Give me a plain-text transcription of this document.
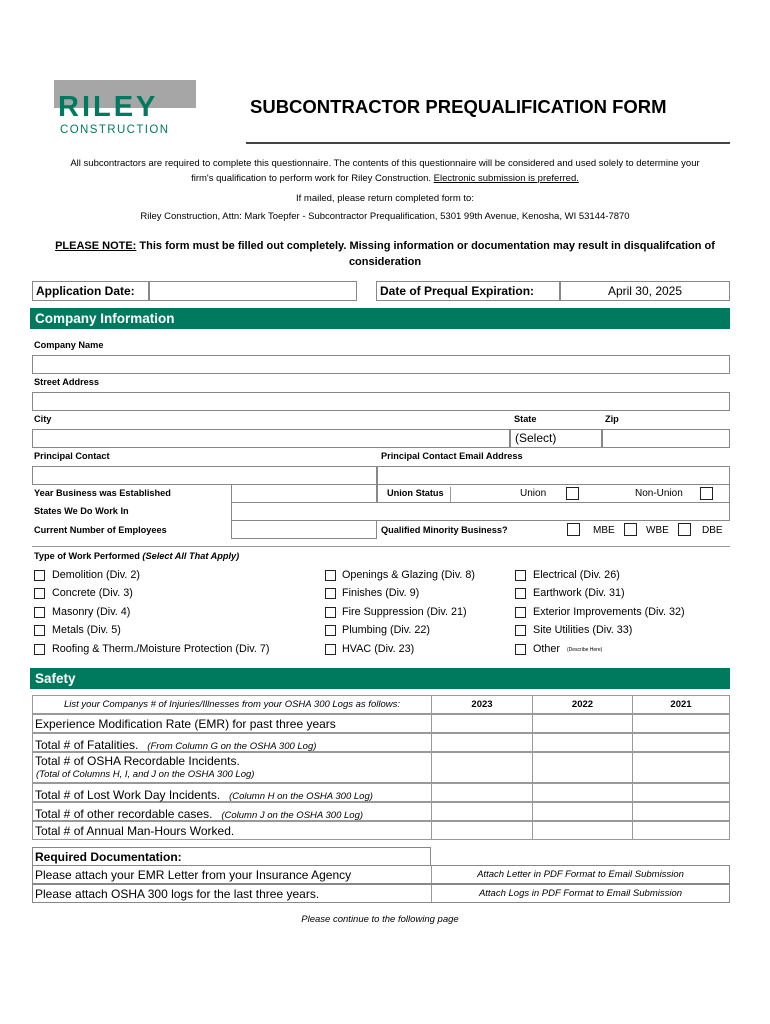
RILEY
CONSTRUCTION
SUBCONTRACTOR PREQUALIFICATION FORM
All subcontractors are required to complete this questionnaire. The contents of this questionnaire will be considered and used solely to determine your
firm's qualification to perform work for Riley Construction. Electronic submission is preferred.
If mailed, please return completed form to:
Riley Construction, Attn: Mark Toepfer - Subcontractor Prequalification, 5301 99th Avenue, Kenosha, WI 53144-7870
PLEASE NOTE: This form must be filled out completely. Missing information or documentation may result in disqualifcation of
consideration
Application Date:	Date of Prequal Expiration:	April 30, 2025
Company Information
Company Name
Street Address
City	State	Zip
(Select)
Principal Contact	Principal Contact Email Address
Year Business was Established	Union Status	Union	Non-Union
States We Do Work In
Current Number of Employees	Qualified Minority Business?	MBE	WBE	DBE
Type of Work Performed (Select All That Apply)
Demolition (Div. 2)
Concrete (Div. 3)
Masonry (Div. 4)
Metals (Div. 5)
Roofing & Therm./Moisture Protection (Div. 7)
Openings & Glazing (Div. 8)
Finishes (Div. 9)
Fire Suppression (Div. 21)
Plumbing (Div. 22)
HVAC (Div. 23)
Electrical (Div. 26)
Earthwork (Div. 31)
Exterior Improvements (Div. 32)
Site Utilities (Div. 33)
Other (Describe Here)
Safety
List your Companys # of Injuries/Illnesses from your OSHA 300 Logs as follows:	2023	2022	2021
Experience Modification Rate (EMR) for past three years
Total # of Fatalities. (From Column G on the OSHA 300 Log)
Total # of OSHA Recordable Incidents.
(Total of Columns H, I, and J on the OSHA 300 Log)
Total # of Lost Work Day Incidents. (Column H on the OSHA 300 Log)
Total # of other recordable cases. (Column J on the OSHA 300 Log)
Total # of Annual Man-Hours Worked.
Required Documentation:
Please attach your EMR Letter from your Insurance Agency	Attach Letter in PDF Format to Email Submission
Please attach OSHA 300 logs for the last three years.	Attach Logs in PDF Format to Email Submission
Please continue to the following page
